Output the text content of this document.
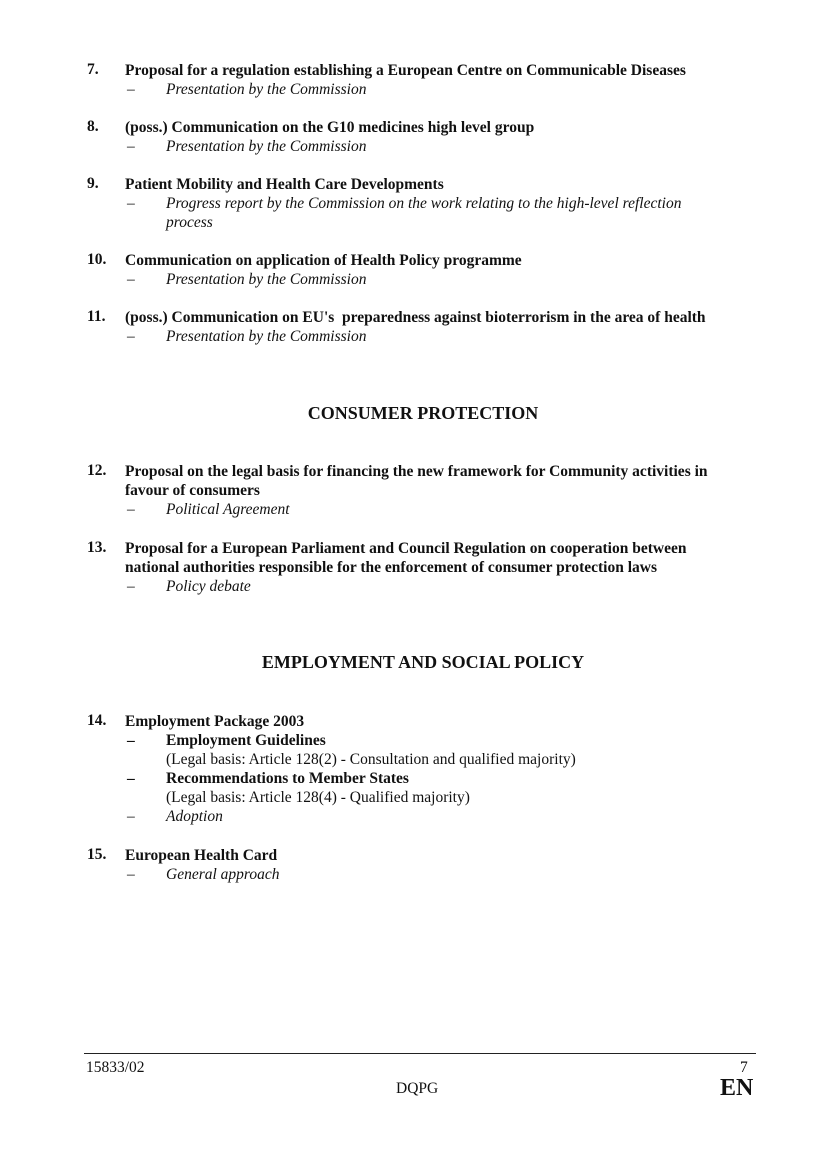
7. Proposal for a regulation establishing a European Centre on Communicable Diseases
– Presentation by the Commission
8. (poss.) Communication on the G10 medicines high level group
– Presentation by the Commission
9. Patient Mobility and Health Care Developments
– Progress report by the Commission on the work relating to the high-level reflection
process
10. Communication on application of Health Policy programme
– Presentation by the Commission
11. (poss.) Communication on EU's  preparedness against bioterrorism in the area of health
– Presentation by the Commission
CONSUMER PROTECTION
12. Proposal on the legal basis for financing the new framework for Community activities in
favour of consumers
– Political Agreement
13. Proposal for a European Parliament and Council Regulation on cooperation between
national authorities responsible for the enforcement of consumer protection laws
– Policy debate
EMPLOYMENT AND SOCIAL POLICY
14. Employment Package 2003
– Employment Guidelines
(Legal basis: Article 128(2) - Consultation and qualified majority)
– Recommendations to Member States
(Legal basis: Article 128(4) - Qualified majority)
– Adoption
15. European Health Card
– General approach
15833/02	7
DQPG	EN
